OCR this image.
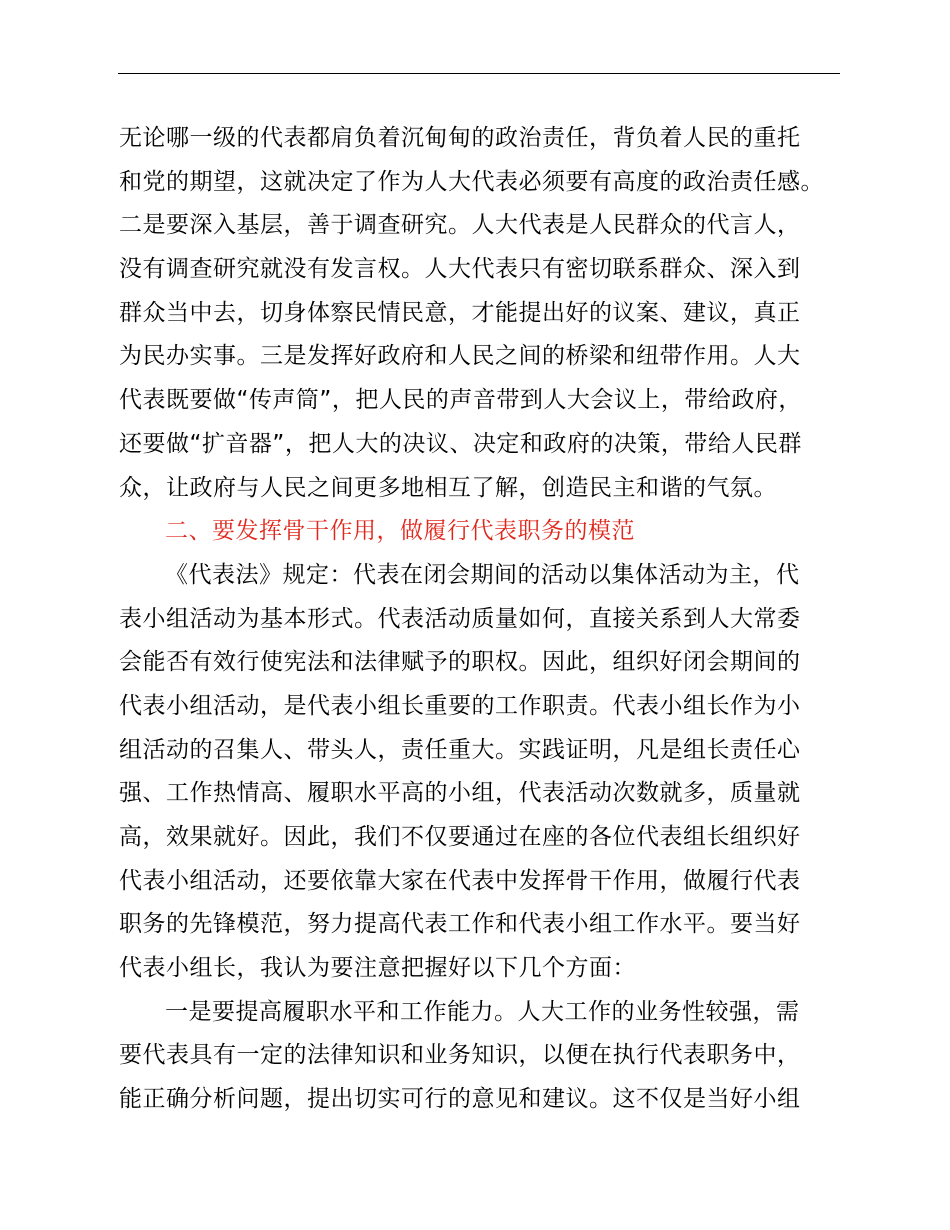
无论哪一级的代表都肩负着沉甸甸的政治责任，背负着人民的重托
和党的期望，这就决定了作为人大代表必须要有高度的政治责任感。
二是要深入基层，善于调查研究。人大代表是人民群众的代言人，
没有调查研究就没有发言权。人大代表只有密切联系群众、深入到
群众当中去，切身体察民情民意，才能提出好的议案、建议，真正
为民办实事。三是发挥好政府和人民之间的桥梁和纽带作用。人大
代表既要做“传声筒”，把人民的声音带到人大会议上，带给政府，
还要做“扩音器”，把人大的决议、决定和政府的决策，带给人民群
众，让政府与人民之间更多地相互了解，创造民主和谐的气氛。
二、要发挥骨干作用，做履行代表职务的模范
《代表法》规定：代表在闭会期间的活动以集体活动为主，代
表小组活动为基本形式。代表活动质量如何，直接关系到人大常委
会能否有效行使宪法和法律赋予的职权。因此，组织好闭会期间的
代表小组活动，是代表小组长重要的工作职责。代表小组长作为小
组活动的召集人、带头人，责任重大。实践证明，凡是组长责任心
强、工作热情高、履职水平高的小组，代表活动次数就多，质量就
高，效果就好。因此，我们不仅要通过在座的各位代表组长组织好
代表小组活动，还要依靠大家在代表中发挥骨干作用，做履行代表
职务的先锋模范，努力提高代表工作和代表小组工作水平。要当好
代表小组长，我认为要注意把握好以下几个方面：
一是要提高履职水平和工作能力。人大工作的业务性较强，需
要代表具有一定的法律知识和业务知识，以便在执行代表职务中，
能正确分析问题，提出切实可行的意见和建议。这不仅是当好小组
